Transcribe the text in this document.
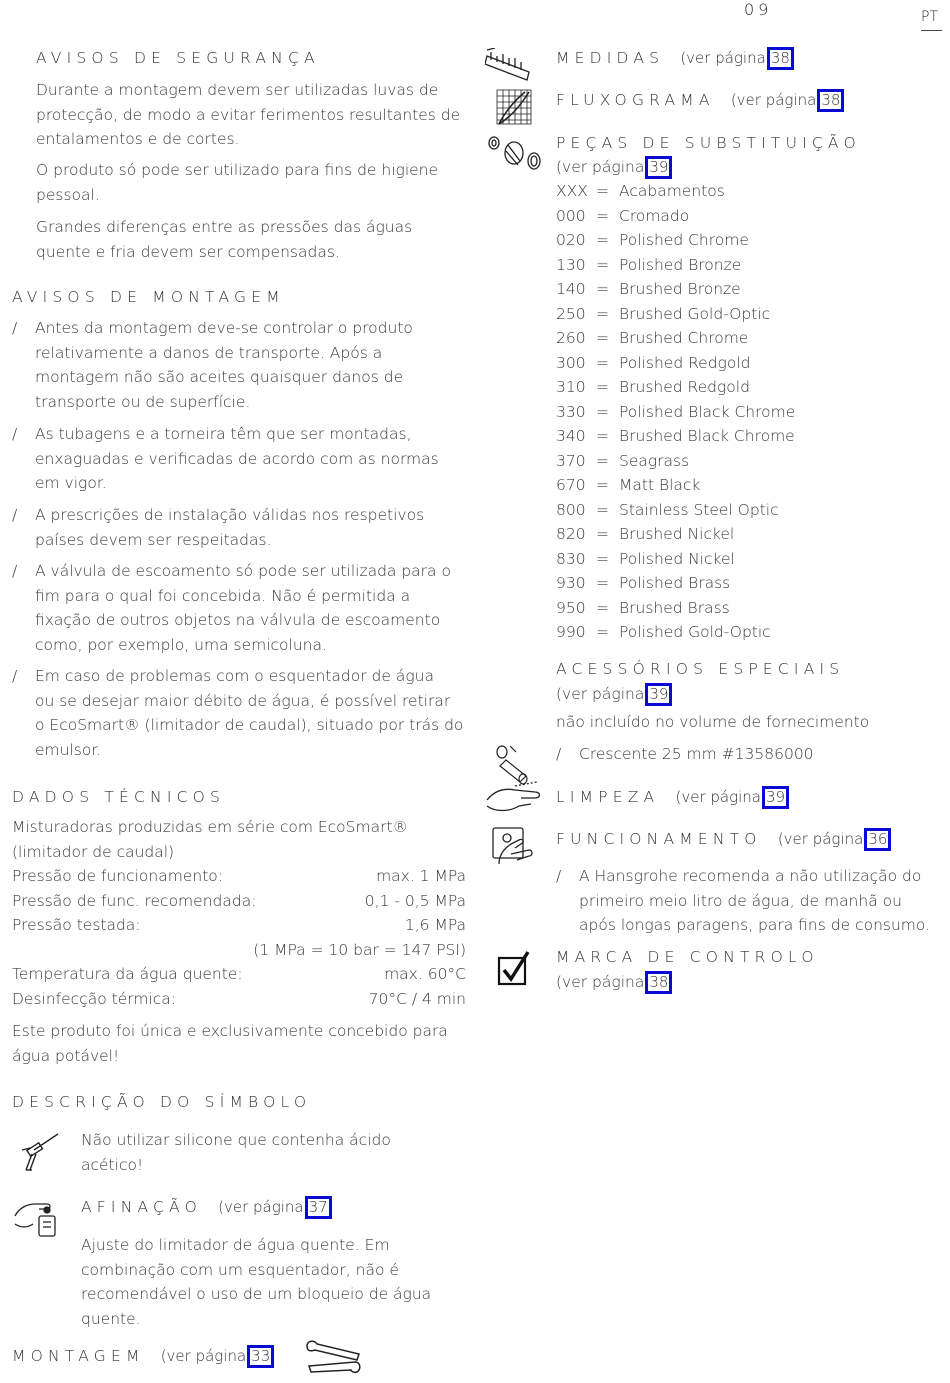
09	PT
AVISOS DE SEGURANÇA
Durante a montagem devem ser utilizadas luvas de
protecção, de modo a evitar ferimentos resultantes de
entalamentos e de cortes.
O produto só pode ser utilizado para fins de higiene
pessoal.
Grandes diferenças entre as pressões das águas
quente e fria devem ser compensadas.
AVISOS DE MONTAGEM
/ Antes da montagem deve-se controlar o produto
relativamente a danos de transporte. Após a
montagem não são aceites quaisquer danos de
transporte ou de superfície.
/ As tubagens e a torneira têm que ser montadas,
enxaguadas e verificadas de acordo com as normas
em vigor.
/ A prescrições de instalação válidas nos respetivos
países devem ser respeitadas.
/ A válvula de escoamento só pode ser utilizada para o
fim para o qual foi concebida. Não é permitida a
fixação de outros objetos na válvula de escoamento
como, por exemplo, uma semicoluna.
/ Em caso de problemas com o esquentador de água
ou se desejar maior débito de água, é possível retirar
o EcoSmart® (limitador de caudal), situado por trás do
emulsor.
DADOS TÉCNICOS
Misturadoras produzidas em série com EcoSmart®
(limitador de caudal)
Pressão de funcionamento:	max. 1 MPa
Pressão de func. recomendada:	0,1 - 0,5 MPa
Pressão testada:	1,6 MPa
(1 MPa = 10 bar = 147 PSI)
Temperatura da água quente:	max. 60°C
Desinfecção térmica:	70°C / 4 min
Este produto foi única e exclusivamente concebido para
água potável!
DESCRIÇÃO DO SÍMBOLO
Não utilizar silicone que contenha ácido
acético!
AFINAÇÃO (ver página 37
Ajuste do limitador de água quente. Em
combinação com um esquentador, não é
recomendável o uso de um bloqueio de água
quente.
MONTAGEM (ver página 33
MEDIDAS (ver página 38
FLUXOGRAMA (ver página 38
PEÇAS DE SUBSTITUIÇÃO
(ver página 39
XXX = Acabamentos
000 = Cromado
020 = Polished Chrome
130 = Polished Bronze
140 = Brushed Bronze
250 = Brushed Gold-Optic
260 = Brushed Chrome
300 = Polished Redgold
310 = Brushed Redgold
330 = Polished Black Chrome
340 = Brushed Black Chrome
370 = Seagrass
670 = Matt Black
800 = Stainless Steel Optic
820 = Brushed Nickel
830 = Polished Nickel
930 = Polished Brass
950 = Brushed Brass
990 = Polished Gold-Optic
ACESSÓRIOS ESPECIAIS
(ver página 39
não incluído no volume de fornecimento
/ Crescente 25 mm #13586000
LIMPEZA (ver página 39
FUNCIONAMENTO (ver página 36
/ A Hansgrohe recomenda a não utilização do
primeiro meio litro de água, de manhã ou
após longas paragens, para fins de consumo.
MARCA DE CONTROLO
(ver página 38
